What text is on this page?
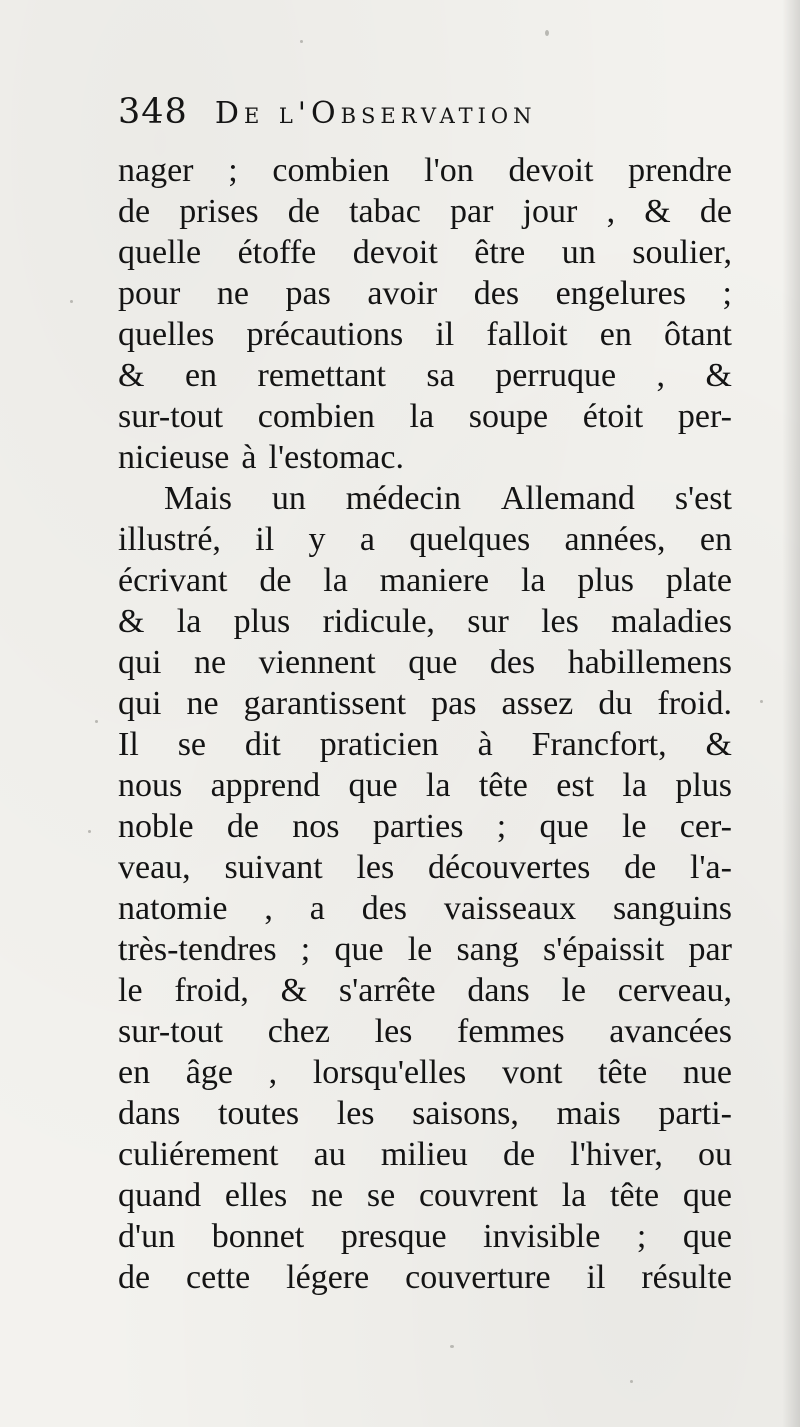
348 De l'Observation
nager ; combien l'on devoit prendre
de prises de tabac par jour , & de
quelle étoffe devoit être un soulier,
pour ne pas avoir des engelures ;
quelles précautions il falloit en ôtant
& en remettant sa perruque , &
sur-tout combien la soupe étoit per-
nicieuse à l'estomac.
Mais un médecin Allemand s'est
illustré, il y a quelques années, en
écrivant de la maniere la plus plate
& la plus ridicule, sur les maladies
qui ne viennent que des habillemens
qui ne garantissent pas assez du froid.
Il se dit praticien à Francfort, &
nous apprend que la tête est la plus
noble de nos parties ; que le cer-
veau, suivant les découvertes de l'a-
natomie , a des vaisseaux sanguins
très-tendres ; que le sang s'épaissit par
le froid, & s'arrête dans le cerveau,
sur-tout chez les femmes avancées
en âge , lorsqu'elles vont tête nue
dans toutes les saisons, mais parti-
culiérement au milieu de l'hiver, ou
quand elles ne se couvrent la tête que
d'un bonnet presque invisible ; que
de cette légere couverture il résulte
